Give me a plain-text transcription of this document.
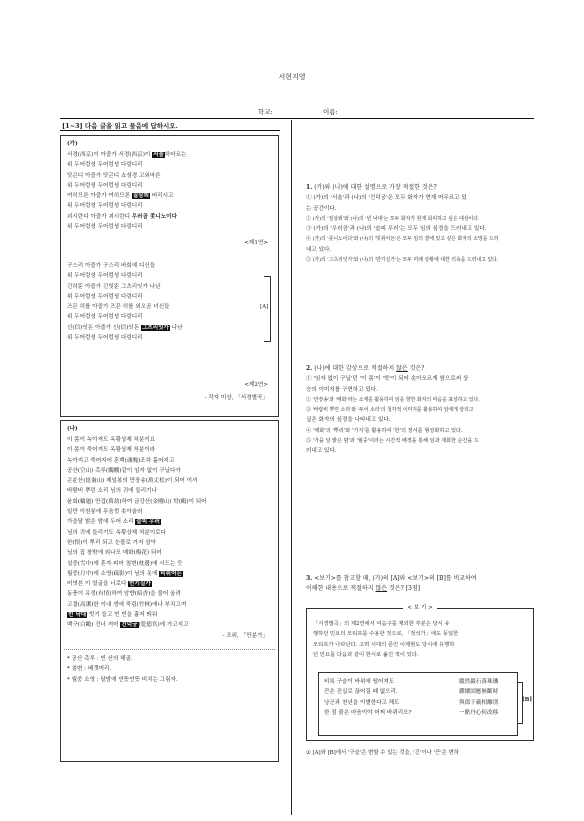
서현지영
학교:	이름:
[1~3] 다음 글을 읽고 물음에 답하시오.
(가)
서경(西京)이 아즐가 서경(西京)이 서울하마르는
위 두어렁셩 두어렁셩 다링디리
닷곤디 아즐가 닷곤디 쇼셩경 고외마른
위 두어렁셩 두어렁셩 다링디리
여히므론 아즐가 여히므론 질삼뵈 버리시고
위 두어렁셩 두어렁셩 다링디리
괴시란디 아즐가 괴시란디 우러곰 좃니노이다
위 두어렁셩 두어렁셩 다링디리
<제1연>
구스리 아즐가 구스리 바회예 디신들
위 두어렁셩 두어렁셩 다링디리
긴히뚠 아즐가 긴힛뚠 그츠리잇가 나난
위 두어렁셩 두어렁셩 다링디리
즈믄 히를 아즐가 즈믄 히를 외오곰 녀신들
위 두어렁셩 두어렁셩 다링디리
신(信)잇돈 아즐가 신(信)잇돈 그츠리잇가 나난
위 두어렁셩 두어렁셩 다링디리
[A]
<제2연>
- 작자 미상, 「서경별곡」
(나)
이 몸이 녹아져도 옥황상제 처분이요
이 몸이 죽어져도 옥황상제 처분이라
녹아지고 죽어지어 혼백(魂魄)조차 흩어지고
공산(空山) 촉루(髑髏)같이 임자 없이 구닐다가
곤륜산(崑崙山) 제일봉의 만장송(萬丈松)이 되어 이셔
바람비 뿌린 소리 님의 귀에 들리기나
윤회(輪廻) 만겁(萬劫)하여 금강산(金剛山) 학(鶴)이 되어
일만 이천봉에 무음껏 솟아올라
가을달 밝은 밤에 두어 소리 슬피 우러
님의 귀에 들리기도 옥황상제 처분이로다
한(恨)이 뿌리 되고 눈물로 가지 삼아
님의 집 창밖에 외나모 매화(梅花) 되어
설중(雪中)에 혼자 피어 침변(枕邊)에 시드는 듯
월중(月中)에 소영(疏影)이 님의 옷에 비취어든
어엿븐 이 얼굴을 너로다 반기실가
동풍이 유정(有情)하여 암향(暗香)을 불어 올려
고결(高潔)한 이내 생애 죽림(竹林)에나 부치고져
빈 낙대 빗기 들고 빈 빈을 흘저 띄워
백구(白鷗) 건너 저어 건덕궁(乾德宮)에 가고지고
- 조위, 「만분가」
* 공산 촉루 : 빈 산의 해골.
* 침변 : 베갯머리.
* 월중 소영 : 달밤에 언뜻언뜻 비치는 그림자.
1. (가)와 (나)에 대한 설명으로 가장 적절한 것은?
① (가)의 '서울'과 (나)의 '건덕궁'은 모두 화자가 현재 머무르고 있
는 공간이다.
② (가)의 '질삼뵈'와 (나)의 '빈 낙대'는 모두 화자가 현재 회피하고 싶은 대상이다.
③ (가)의 '우러곰'과 (나)의 '슬피 우러'는 모두 임의 심정을 드러내고 있다.
④ (가)의 '좃니노이다'와 (나)의 '빗취어든'은 모두 임의 곁에 있고 싶은 화자의 소망을 드러
내고 있다.
⑤ (가)의 '그츠리잇가'와 (나)의 '반기실가'는 모두 미래 상황에 대한 의욕을 드러내고 있다.
2. (나)에 대한 감상으로 적절하지 않은 것은?
① '임자 없이 구닐'던 '이 몸'이 '학'이 되어 솟아오르게 함으로써 상
승의 이미지를 구현하고 있다.
② '만장송'과 '매화'라는 소재를 활용하여 임을 향한 화자의 마음을 표상하고 있다.
③ '바람비 뿌린 소리'와 '두어 소리'의 청각적 이미지를 활용하여 임에게 알리고
싶은 화자의 심정을 나타내고 있다.
④ '매화'의 '뿌리'와 '가지'를 활용하여 '한'의 정서를 형상화하고 있다.
⑤ '가을 달 밝은 밤'과 '월중'이라는 시간적 배경을 통해 임과 재회한 순간을 드
러내고 있다.
3. <보기>를 참고할 때, (가)의 [A]와 <보기>의 [B]를 비교하여
이해한 내용으로 적절하지 않은 것은? [3점]
< 보 기 >
「서경별곡」의 제2연에서 여음구를 제외한 부분은 당시 유
행하던 민요의 모티프를 수용한 것으로, 「정석가」에도 동일한
모티프가 나타난다. 고려 시대의 문인 이제현도 당시에 유행하
던 민요를 다음과 같이 한시로 옮긴 적이 있다.
비록 구슬이 바위에 떨어져도
끈은 진실로 끊어질 때 없으리.
낭군과 천년을 이별한다고 해도
한 점 붉은 마음이야 어찌 바뀌리오?
縱然巖石落珠璣
纓縷固應無斷時
與郎千載相離別
一點丹心何改移
[B]
① [A]와 [B]에서 '구슬'은 변할 수 있는 것을, '긴'이나 '끈'은 변하
